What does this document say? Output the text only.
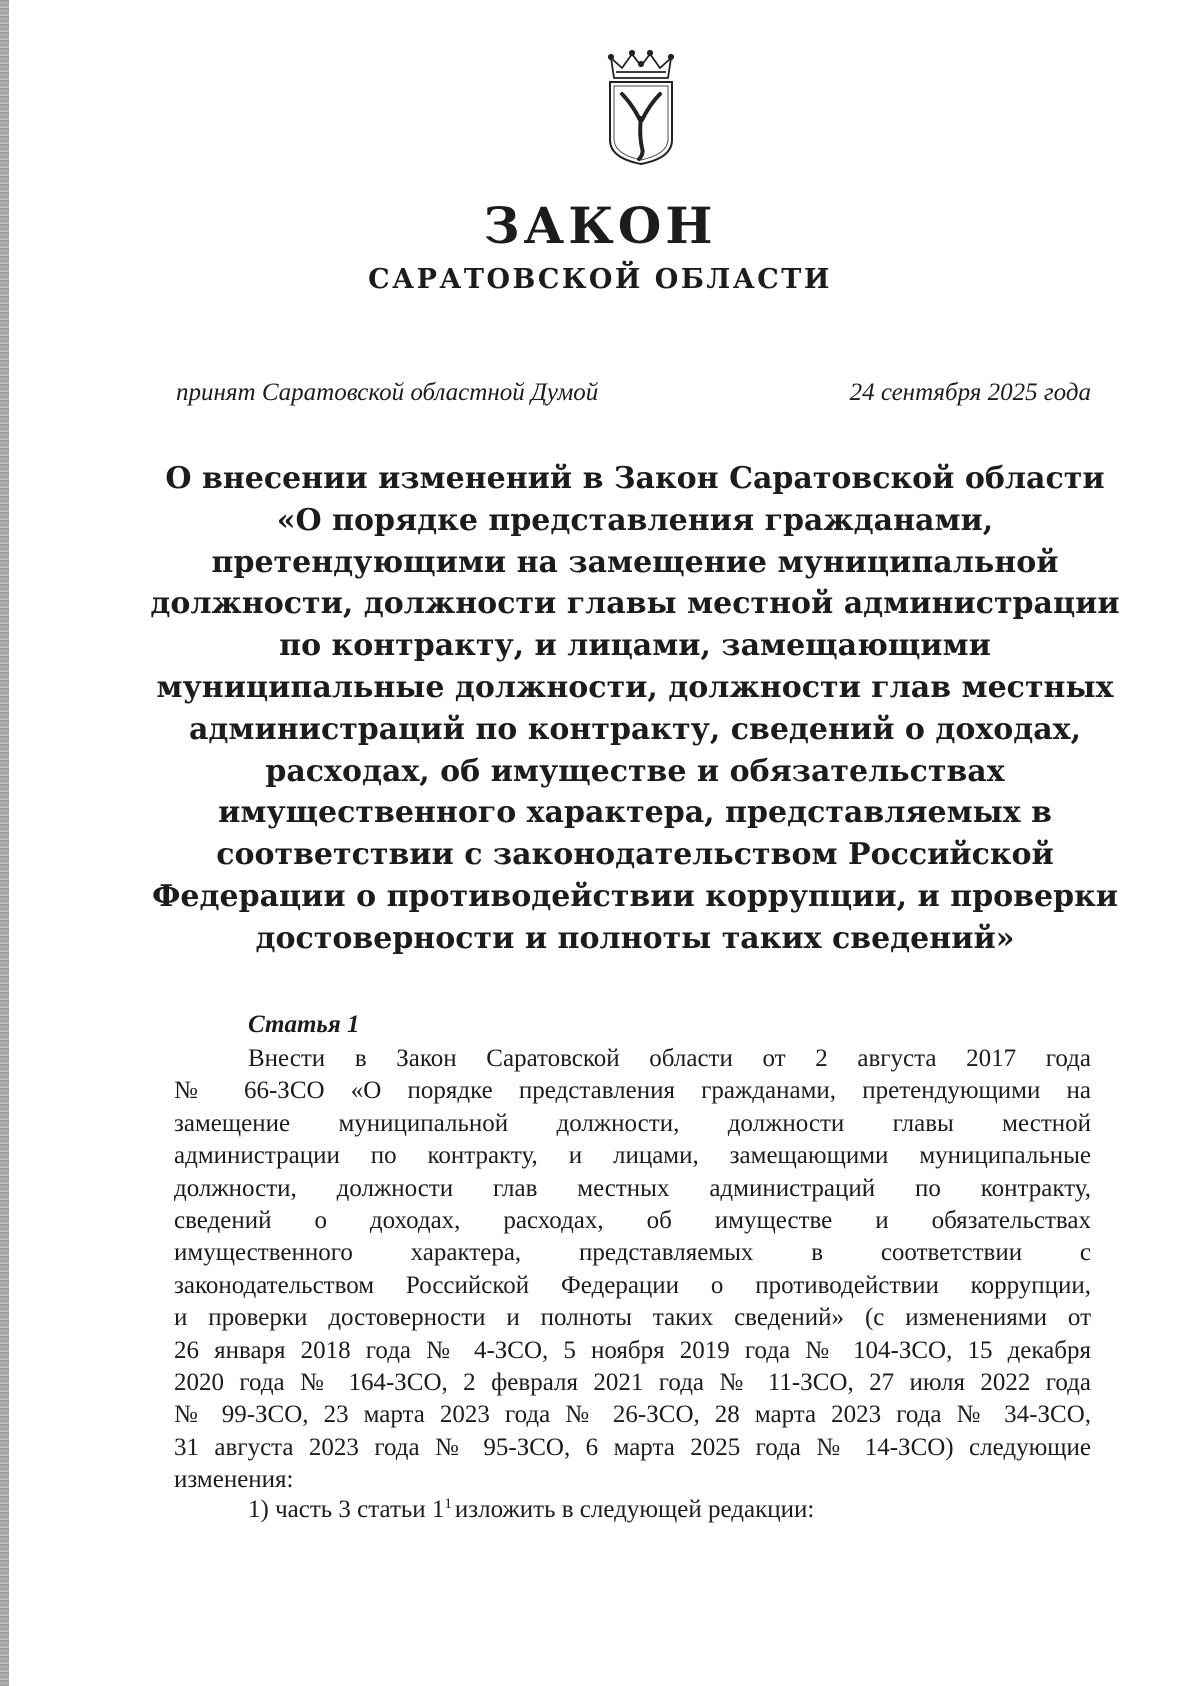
ЗАКОН
САРАТОВСКОЙ ОБЛАСТИ
принят Саратовской областной Думой	24 сентября 2025 года
О внесении изменений в Закон Саратовской области
«О порядке представления гражданами,
претендующими на замещение муниципальной
должности, должности главы местной администрации
по контракту, и лицами, замещающими
муниципальные должности, должности глав местных
администраций по контракту, сведений о доходах,
расходах, об имуществе и обязательствах
имущественного характера, представляемых в
соответствии с законодательством Российской
Федерации о противодействии коррупции, и проверки
достоверности и полноты таких сведений»
Статья 1
Внести в Закон Саратовской области от 2 августа 2017 года
№ 66-ЗСО «О порядке представления гражданами, претендующими на
замещение муниципальной должности, должности главы местной
администрации по контракту, и лицами, замещающими муниципальные
должности, должности глав местных администраций по контракту,
сведений о доходах, расходах, об имуществе и обязательствах
имущественного характера, представляемых в соответствии с
законодательством Российской Федерации о противодействии коррупции,
и проверки достоверности и полноты таких сведений» (с изменениями от
26 января 2018 года № 4-ЗСО, 5 ноября 2019 года № 104-ЗСО, 15 декабря
2020 года № 164-ЗСО, 2 февраля 2021 года № 11-ЗСО, 27 июля 2022 года
№ 99-ЗСО, 23 марта 2023 года № 26-ЗСО, 28 марта 2023 года № 34-ЗСО,
31 августа 2023 года № 95-ЗСО, 6 марта 2025 года № 14-ЗСО) следующие
изменения:
1) часть 3 статьи $1^1$ изложить в следующей редакции:
